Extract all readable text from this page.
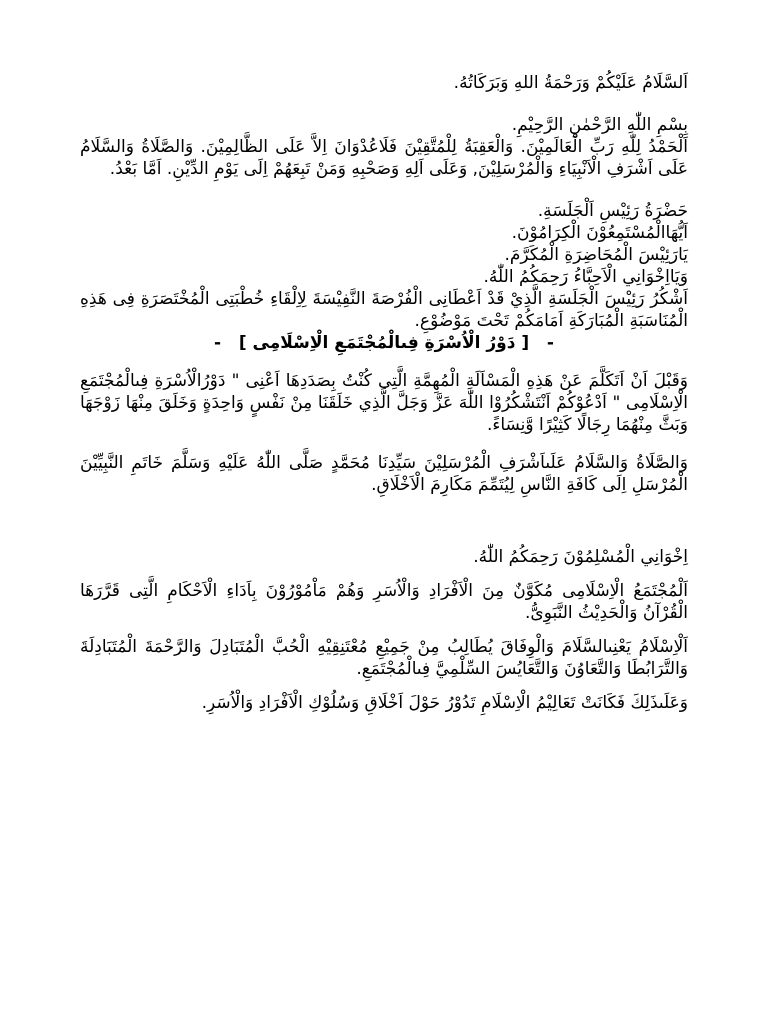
اَلسَّلَامُ عَلَيْكُمْ وَرَحْمَةُ اللهِ وَبَرَكَاتُهُ.

بِسْمِ اللّٰهِ الرَّحْمٰنِ الرَّحِيْمِ.

اَلْحَمْدُ لِلّٰهِ رَبِّ الْعَالَمِيْنَ. وَالْعَقِبَةُ لِلْمُتَّقِيْنَ فَلَاعُدْوَانَ اِلاَّ عَلَى الظَّالِمِيْنَ. وَالصَّلَاةُ وَالسَّلَامُ عَلَى اَشْرَفِ الْاَنْبِيَاءِ وَالْمُرْسَلِيْنَ, وَعَلَى اَلِهِ وَصَحْبِهِ وَمَنْ تَبِعَهُمْ اِلَى يَوْمِ الدِّيْنِ. اَمَّا بَعْدُ.

حَضْرَةُ رَئِيْسِ اَلْجَلَسَةِ.

اَيُّهَاالْمُسْتَمِعُوْنَ الْكِرَامُوْنَ.

يَارَئِيْسَ الْمُحَاضِرَةِ الْمُكَرَّمَ.

وَيَااِخْوَانِي الْاَحِبَّاءُ رَحِمَكُمُ اللّٰهُ.

اَشْكُرُ رَئِيْسَ الْجَلَسَةِ الَّذِيْ قَدْ اَعْطَانِى الْفُرْصَةَ النَّفِيْسَةَ لِاِلْقَاءِ خُطْبَتِى الْمُخْتَصَرَةِ فِى هَذِهِ الْمُنَاسَبَةِ الْمُبَارَكَةِ اَمَامَكُمْ تَحْتَ مَوْضُوْعِ.

-   [ دَوْرُ الْاُسْرَةِ فِىالْمُجْتَمَعِ الْاِسْلَامِى ]   -

وَقَبْلَ اَنْ اَتَكَلَّمَ عَنْ هَذِهِ الْمَسْاَلَةِ الْمُهِمَّةِ الَّتِى كُنْتُ بِصَدَدِهَا اَعْنِى " دَوْرُالْاُسْرَةِ فِىالْمُجْتَمَعِ الْاِسْلَامِى " اَدْعُوْكُمْ اَنْتَشْكُرُوْا اللّٰهَ عَزَّ وَجَلَّ الَّذِي خَلَقَنَا مِنْ نَفْسٍ وَاحِدَةٍ وَخَلَقَ مِنْهَا زَوْجَهَا وَبَثَّ مِنْهُمَا رِجَالًا كَثِيْرًا وَّنِسَاءً.

وَالصَّلَاةُ وَالسَّلَامُ عَلَىاَشْرَفِ الْمُرْسَلِيْنَ سَيِّدِنَا مُحَمَّدٍ صَلَّى اللّٰهُ عَلَيْهِ وَسَلَّمَ خَاتَمِ النَّبِيِّيْنَ الْمُرْسَلِ اِلَى كَافَةِ النَّاسِ لِيُتَمِّمَ مَكَارِمَ الْاَخْلَاقِ.

اِخْوَانِي الْمُسْلِمُوْنَ رَحِمَكُمُ اللّٰهُ.

اَلْمُجْتَمَعُ الْاِسْلَامِى مُكَوَّنٌ مِنَ الْاَفْرَادِ وَالْاُسَرِ وَهُمْ مَاْمُوْرُوْنَ بِاَدَاءِ الْاَحْكَامِ الَّتِى قَرَّرَهَا الْقُرْآنُ وَالْحَدِيْثُ النَّبَوِىُّ.

اَلْاِسْلَامُ يَعْنِىالسَّلَامَ وَالْوِفَاقَ يُطَالِبُ مِنْ جَمِيْعِ مُعْتَنِقِيْهِ الْحُبَّ الْمُتَبَادِلَ وَالرَّحْمَةَ الْمُتَبَادِلَةَ وَالتَّرَابُطَا وَالتَّعَاوُنَ وَالتَّعَايُسَ السِّلْمِيَّ فِىالْمُجْتَمَعِ.

وَعَلَىذَلِكَ فَكَانَتْ تَعَالِيْمُ الْاِسْلَامِ تَدُوْرُ حَوْلَ اَخْلَاقِ وَسُلُوْكِ الْاَفْرَادِ وَالْاُسَرِ.
